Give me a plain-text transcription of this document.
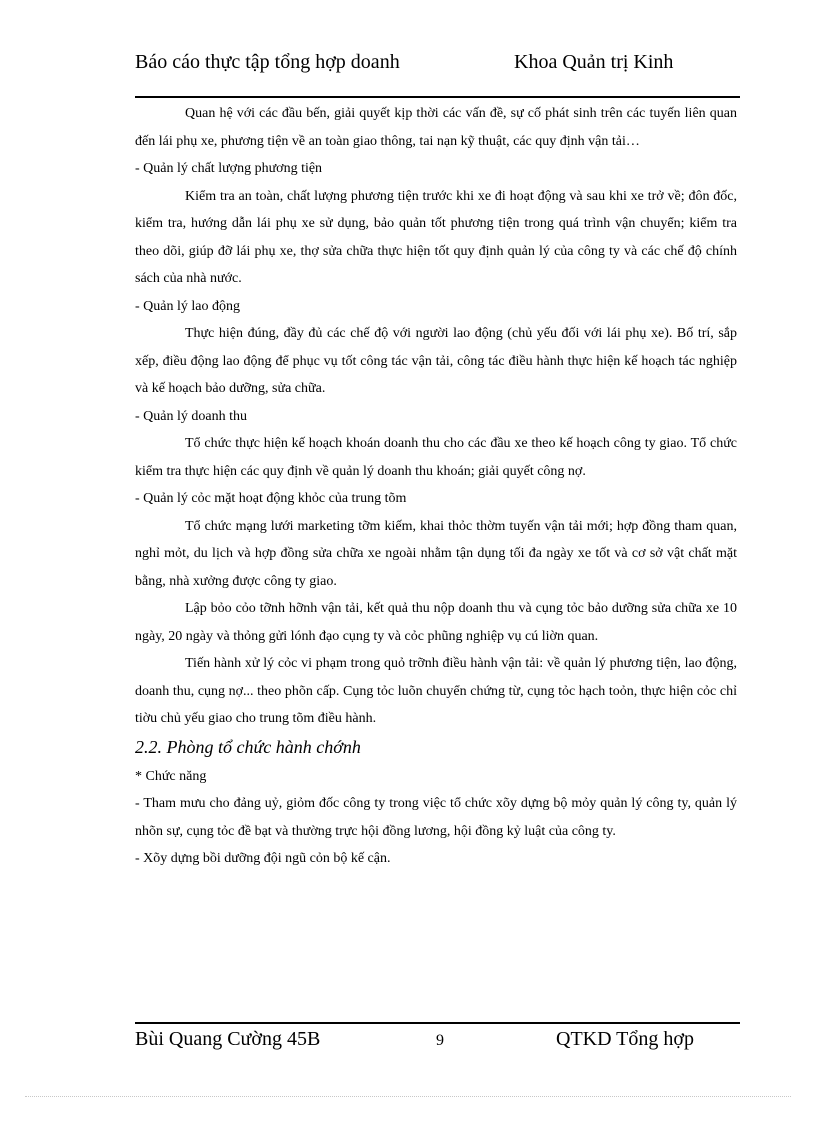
Báo cáo thực tập tổng hợp doanh	Khoa Quản trị Kinh

Quan hệ với các đầu bến, giải quyết kịp thời các vấn đề, sự cố phát sinh trên các tuyến liên quan đến lái phụ xe, phương tiện về an toàn giao thông, tai nạn kỹ thuật, các quy định vận tải…

- Quản lý chất lượng phương tiện

Kiểm tra an toàn, chất lượng phương tiện trước khi xe đi hoạt động và sau khi xe trở về; đôn đốc, kiểm tra, hướng dẫn lái phụ xe sử dụng, bảo quản tốt phương tiện trong quá trình vận chuyển; kiểm tra theo dõi, giúp đỡ lái phụ xe, thợ sửa chữa thực hiện tốt quy định quản lý của công ty và các chế độ chính sách của nhà nước.

- Quản lý lao động

Thực hiện đúng, đầy đủ các chế độ với người lao động (chủ yếu đối với lái phụ xe). Bố trí, sắp xếp, điều động lao động để phục vụ tốt công tác vận tải, công tác điều hành thực hiện kế hoạch tác nghiệp và kế hoạch bảo dưỡng, sửa chữa.

- Quản lý doanh thu

Tổ chức thực hiện kế hoạch khoán doanh thu cho các đầu xe theo kế hoạch công ty giao. Tổ chức kiểm tra thực hiện các quy định về quản lý doanh thu khoán; giải quyết công nợ.

- Quản lý cỏc mặt hoạt động khỏc của trung tõm

Tổ chức mạng lưới marketing tỡm kiếm, khai thỏc thờm tuyến vận tải mới; hợp đồng tham quan, nghỉ mỏt, du lịch và hợp đồng sửa chữa xe ngoài nhằm tận dụng tối đa ngày xe tốt và cơ sở vật chất mặt bằng, nhà xưởng được công ty giao.

Lập bỏo cỏo tỡnh hỡnh vận tải, kết quả thu nộp doanh thu và cụng tỏc bảo dưỡng sửa chữa xe 10 ngày, 20 ngày và thỏng gửi lónh đạo cụng ty và cỏc phũng nghiệp vụ cú liờn quan.

Tiến hành xử lý cỏc vi phạm trong quỏ trỡnh điều hành vận tải: về quản lý phương tiện, lao động, doanh thu, cụng nợ... theo phõn cấp. Cụng tỏc luõn chuyển chứng từ, cụng tỏc hạch toỏn, thực hiện cỏc chỉ tiờu chủ yếu giao cho trung tõm điều hành.

2.2. Phòng tổ chức hành chớnh

* Chức năng

- Tham mưu cho đảng uỷ, giỏm đốc công ty trong việc tổ chức xõy dựng bộ mỏy quản lý công ty, quản lý nhõn sự, cụng tỏc đề bạt và thường trực hội đồng lương, hội đồng kỷ luật của công ty.

- Xõy dựng bồi dưỡng đội ngũ cỏn bộ kế cận.

Bùi Quang Cường 45B	9	QTKD Tổng hợp
